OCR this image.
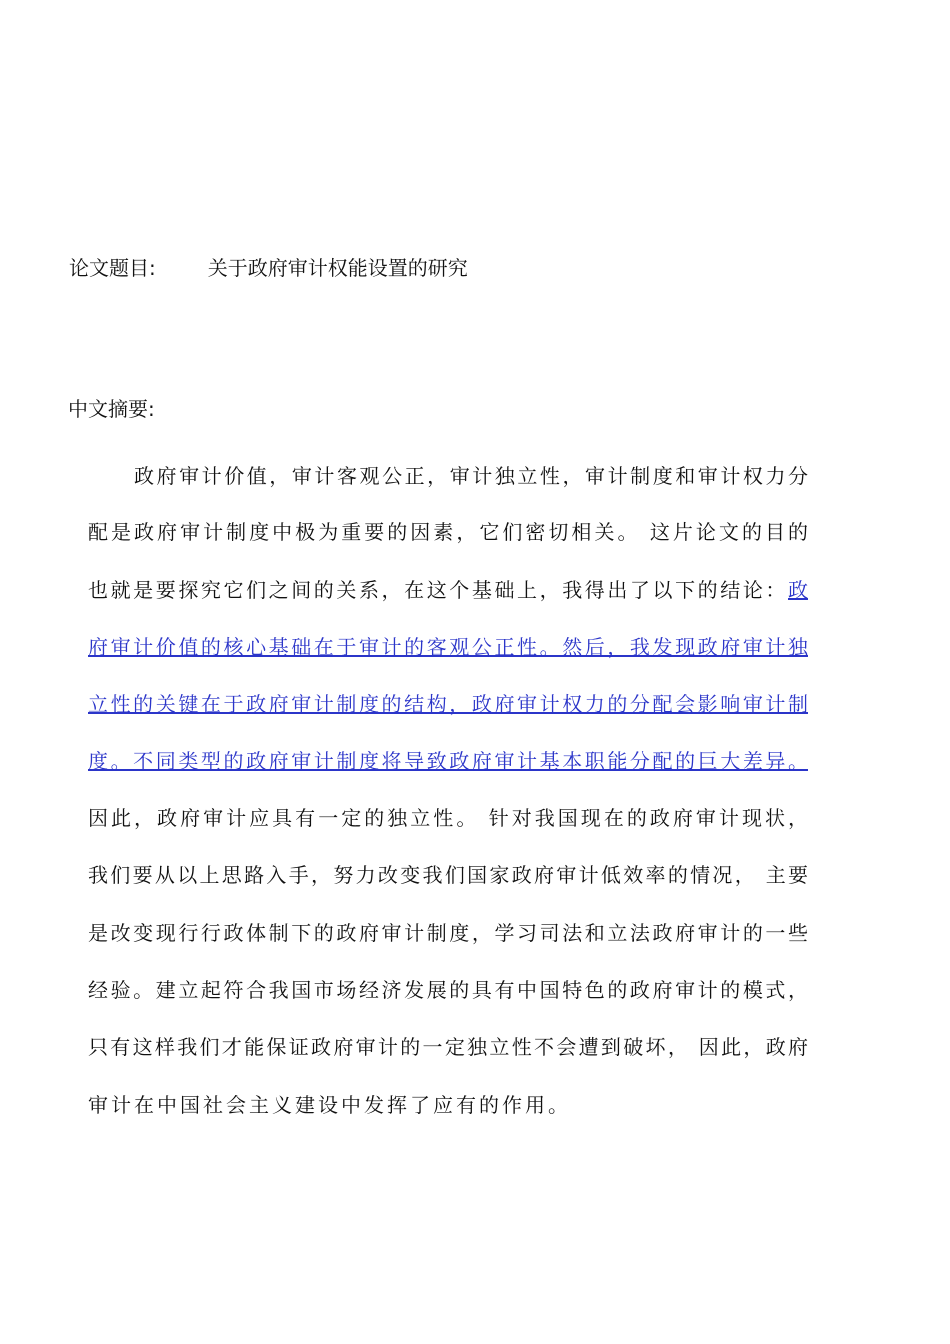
论文题目:	关于政府审计权能设置的研究
中文摘要:
政府审计价值，审计客观公正，审计独立性，审计制度和审计权力分
配是政府审计制度中极为重要的因素，它们密切相关。 这片论文的目的
也就是要探究它们之间的关系，在这个基础上，我得出了以下的结论：政
府审计价值的核心基础在于审计的客观公正性。然后，我发现政府审计独
立性的关键在于政府审计制度的结构，政府审计权力的分配会影响审计制
度。不同类型的政府审计制度将导致政府审计基本职能分配的巨大差异。
因此，政府审计应具有一定的独立性。 针对我国现在的政府审计现状，
我们要从以上思路入手，努力改变我们国家政府审计低效率的情况， 主要
是改变现行行政体制下的政府审计制度，学习司法和立法政府审计的一些
经验。建立起符合我国市场经济发展的具有中国特色的政府审计的模式，
只有这样我们才能保证政府审计的一定独立性不会遭到破坏， 因此，政府
审计在中国社会主义建设中发挥了应有的作用。
